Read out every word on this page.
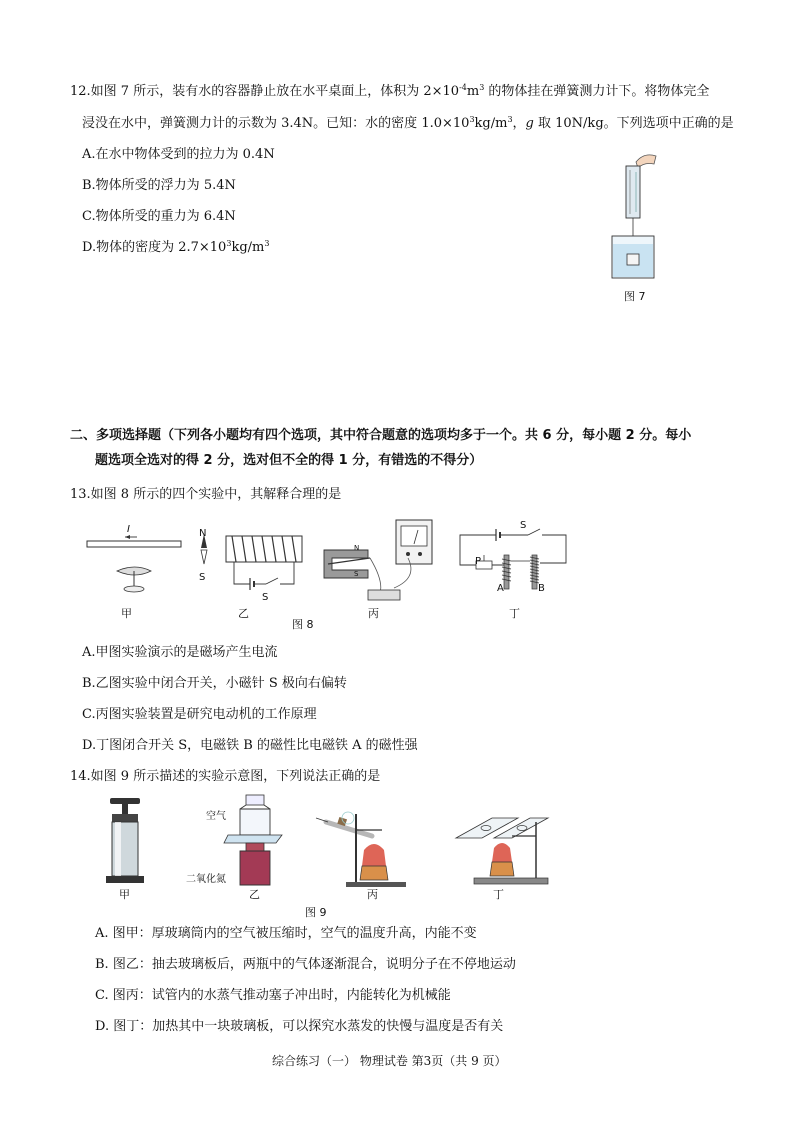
12.如图 7 所示，装有水的容器静止放在水平桌面上，体积为 $2\times 10^{-4}m^3$ 的物体挂在弹簧测力计下。将物体完全
浸没在水中，弹簧测力计的示数为 3.4N。已知：水的密度 $1.0\times 10^3kg/m^3$，g 取 10N/kg。下列选项中正确的是
A.在水中物体受到的拉力为 0.4N
B.物体所受的浮力为 5.4N
C.物体所受的重力为 6.4N
D.物体的密度为 $2.7\times 10^3kg/m^3$
图 7
二、多项选择题（下列各小题均有四个选项，其中符合题意的选项均多于一个。共 6 分，每小题 2 分。每小
题选项全选对的得 2 分，选对但不全的得 1 分，有错选的不得分）
13.如图 8 所示的四个实验中，其解释合理的是
I
甲
N
S
S
乙
N
S
丙
图 8
S
P
A	B
丁
A.甲图实验演示的是磁场产生电流
B.乙图实验中闭合开关，小磁针 S 极向右偏转
C.丙图实验装置是研究电动机的工作原理
D.丁图闭合开关 S，电磁铁 B 的磁性比电磁铁 A 的磁性强
14.如图 9 所示描述的实验示意图，下列说法正确的是
甲
空气
二氧化氮
乙	丙	丁
图 9
A. 图甲：厚玻璃筒内的空气被压缩时，空气的温度升高，内能不变
B. 图乙：抽去玻璃板后，两瓶中的气体逐渐混合，说明分子在不停地运动
C. 图丙：试管内的水蒸气推动塞子冲出时，内能转化为机械能
D. 图丁：加热其中一块玻璃板，可以探究水蒸发的快慢与温度是否有关
综合练习（一） 物理试卷 第3页（共 9 页）
